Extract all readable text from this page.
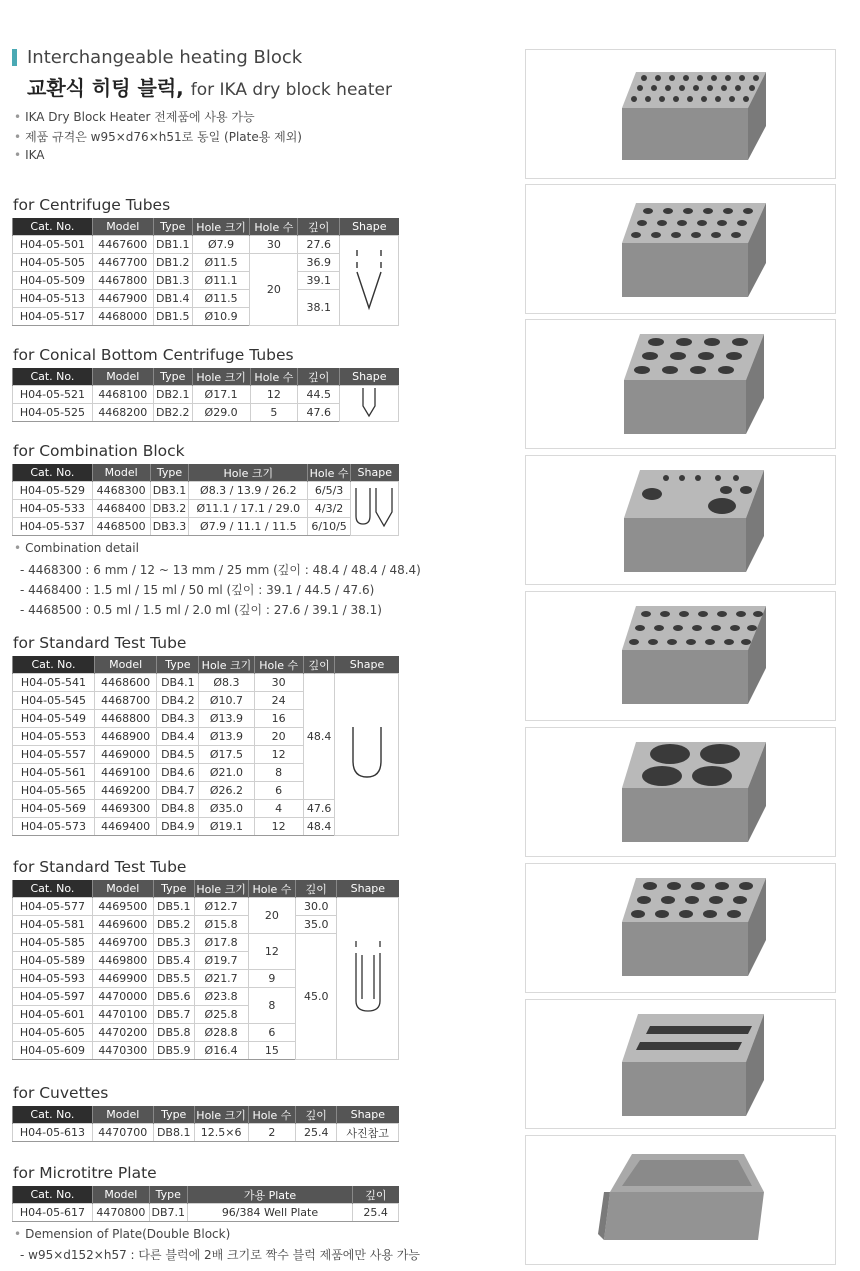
Interchangeable heating Block
교환식 히팅 블럭, for IKA dry block heater
• IKA Dry Block Heater 전제품에 사용 가능
• 제품 규격은 w95×d76×h51로 동일 (Plate용 제외)
• IKA
for Centrifuge Tubes
Cat. No.	Model	Type	Hole 크기	Hole 수	깊이	Shape
H04-05-501	4467600	DB1.1	Ø7.9	30	27.6	
H04-05-505	4467700	DB1.2	Ø11.5	20	36.9	
H04-05-509	4467800	DB1.3	Ø11.1		39.1	
H04-05-513	4467900	DB1.4	Ø11.5		38.1	
H04-05-517	4468000	DB1.5	Ø10.9			
for Conical Bottom Centrifuge Tubes
Cat. No.	Model	Type	Hole 크기	Hole 수	깊이	Shape
H04-05-521	4468100	DB2.1	Ø17.1	12	44.5	
H04-05-525	4468200	DB2.2	Ø29.0	5	47.6	
for Combination Block
Cat. No.	Model	Type	Hole 크기	Hole 수	Shape
H04-05-529	4468300	DB3.1	Ø8.3 / 13.9 / 26.2	6/5/3	
H04-05-533	4468400	DB3.2	Ø11.1 / 17.1 / 29.0	4/3/2	
H04-05-537	4468500	DB3.3	Ø7.9 / 11.1 / 11.5	6/10/5	
• Combination detail
- 4468300 : 6 mm / 12 ~ 13 mm / 25 mm (깊이 : 48.4 / 48.4 / 48.4)
- 4468400 : 1.5 ml / 15 ml / 50 ml (깊이 : 39.1 / 44.5 / 47.6)
- 4468500 : 0.5 ml / 1.5 ml / 2.0 ml (깊이 : 27.6 / 39.1 / 38.1)
for Standard Test Tube
Cat. No.	Model	Type	Hole 크기	Hole 수	깊이	Shape
H04-05-541	4468600	DB4.1	Ø8.3	30	48.4	
H04-05-545	4468700	DB4.2	Ø10.7	24		
H04-05-549	4468800	DB4.3	Ø13.9	16		
H04-05-553	4468900	DB4.4	Ø13.9	20		
H04-05-557	4469000	DB4.5	Ø17.5	12		
H04-05-561	4469100	DB4.6	Ø21.0	8		
H04-05-565	4469200	DB4.7	Ø26.2	6		
H04-05-569	4469300	DB4.8	Ø35.0	4	47.6	
H04-05-573	4469400	DB4.9	Ø19.1	12	48.4	
for Standard Test Tube
Cat. No.	Model	Type	Hole 크기	Hole 수	깊이	Shape
H04-05-577	4469500	DB5.1	Ø12.7	20	30.0	
H04-05-581	4469600	DB5.2	Ø15.8		35.0	
H04-05-585	4469700	DB5.3	Ø17.8	12	45.0	
H04-05-589	4469800	DB5.4	Ø19.7			
H04-05-593	4469900	DB5.5	Ø21.7	9		
H04-05-597	4470000	DB5.6	Ø23.8	8		
H04-05-601	4470100	DB5.7	Ø25.8			
H04-05-605	4470200	DB5.8	Ø28.8	6		
H04-05-609	4470300	DB5.9	Ø16.4	15		
for Cuvettes
Cat. No.	Model	Type	Hole 크기	Hole 수	깊이	Shape
H04-05-613	4470700	DB8.1	12.5×6	2	25.4	사진참고
for Microtitre Plate
Cat. No.	Model	Type	가용 Plate	깊이
H04-05-617	4470800	DB7.1	96/384 Well Plate	25.4
• Demension of Plate(Double Block)
- w95×d152×h57 : 다른 블럭에 2배 크기로 짝수 블럭 제품에만 사용 가능
